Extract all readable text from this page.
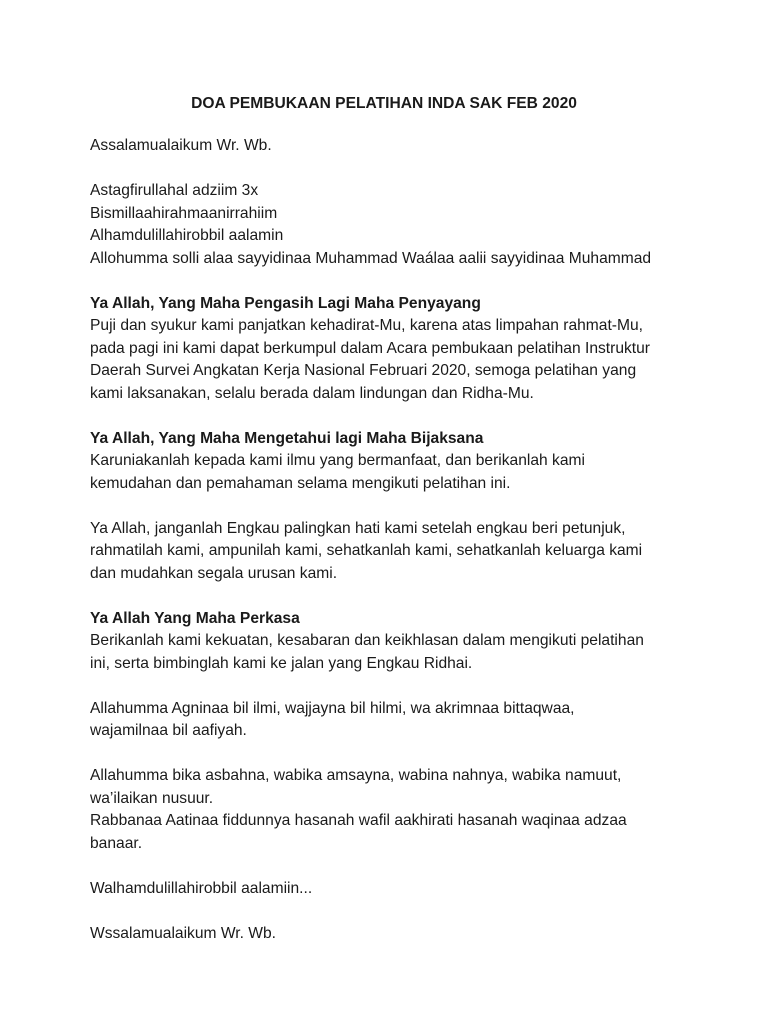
DOA PEMBUKAAN PELATIHAN INDA SAK FEB 2020
Assalamualaikum Wr. Wb.
Astagfirullahal adziim 3x
Bismillaahirahmaanirrahiim
Alhamdulillahirobbil aalamin
Allohumma solli alaa sayyidinaa Muhammad Waálaa aalii sayyidinaa Muhammad
Ya Allah, Yang Maha Pengasih Lagi Maha Penyayang
Puji dan syukur kami panjatkan kehadirat-Mu, karena atas limpahan rahmat-Mu,
pada pagi ini kami dapat berkumpul dalam Acara pembukaan pelatihan Instruktur
Daerah Survei Angkatan Kerja Nasional Februari 2020, semoga pelatihan yang
kami laksanakan, selalu berada dalam lindungan dan Ridha-Mu.
Ya Allah, Yang Maha Mengetahui lagi Maha Bijaksana
Karuniakanlah kepada kami ilmu yang bermanfaat, dan berikanlah kami
kemudahan dan pemahaman selama mengikuti pelatihan ini.
Ya Allah, janganlah Engkau palingkan hati kami setelah engkau beri petunjuk,
rahmatilah kami, ampunilah kami, sehatkanlah kami, sehatkanlah keluarga kami
dan mudahkan segala urusan kami.
Ya Allah Yang Maha Perkasa
Berikanlah kami kekuatan, kesabaran dan keikhlasan dalam mengikuti pelatihan
ini, serta bimbinglah kami ke jalan yang Engkau Ridhai.
Allahumma Agninaa bil ilmi, wajjayna bil hilmi, wa akrimnaa bittaqwaa,
wajamilnaa bil aafiyah.
Allahumma bika asbahna, wabika amsayna, wabina nahnya, wabika namuut,
wa’ilaikan nusuur.
Rabbanaa Aatinaa fiddunnya hasanah wafil aakhirati hasanah waqinaa adzaa
banaar.
Walhamdulillahirobbil aalamiin...
Wssalamualaikum Wr. Wb.
